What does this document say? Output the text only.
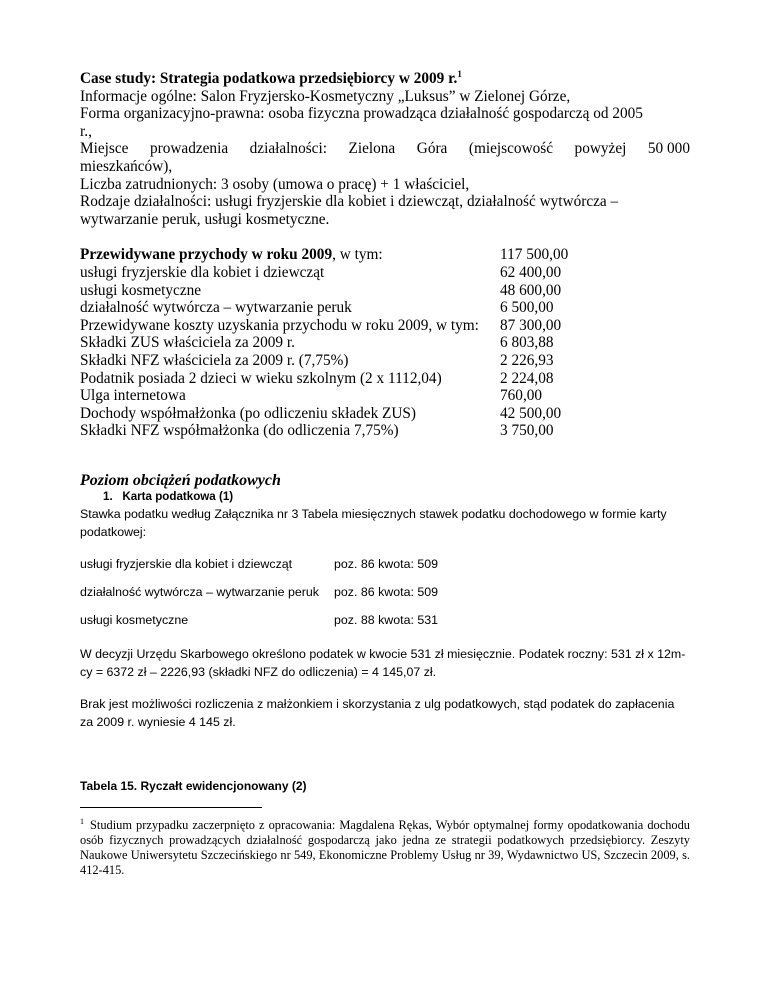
Case study: Strategia podatkowa przedsiębiorcy w 2009 r.$^1$
Informacje ogólne: Salon Fryzjersko-Kosmetyczny „Luksus” w Zielonej Górze,
Forma organizacyjno-prawna: osoba fizyczna prowadząca działalność gospodarczą od 2005
r.,
Miejsce prowadzenia działalności: Zielona Góra (miejscowość powyżej 50 000
mieszkańców),
Liczba zatrudnionych: 3 osoby (umowa o pracę) + 1 właściciel,
Rodzaje działalności: usługi fryzjerskie dla kobiet i dziewcząt, działalność wytwórcza –
wytwarzanie peruk, usługi kosmetyczne.
Przewidywane przychody w roku 2009, w tym:	117 500,00
usługi fryzjerskie dla kobiet i dziewcząt	62 400,00
usługi kosmetyczne	48 600,00
działalność wytwórcza – wytwarzanie peruk	6 500,00
Przewidywane koszty uzyskania przychodu w roku 2009, w tym:	87 300,00
Składki ZUS właściciela za 2009 r.	6 803,88
Składki NFZ właściciela za 2009 r. (7,75%)	2 226,93
Podatnik posiada 2 dzieci w wieku szkolnym (2 x 1112,04)	2 224,08
Ulga internetowa	760,00
Dochody współmałżonka (po odliczeniu składek ZUS)	42 500,00
Składki NFZ współmałżonka (do odliczenia 7,75%)	3 750,00
Poziom obciążeń podatkowych
1. Karta podatkowa (1)
Stawka podatku według Załącznika nr 3 Tabela miesięcznych stawek podatku dochodowego w formie karty podatkowej:
usługi fryzjerskie dla kobiet i dziewcząt	poz. 86 kwota: 509
działalność wytwórcza – wytwarzanie peruk	poz. 86 kwota: 509
usługi kosmetyczne	poz. 88 kwota: 531

W decyzji Urzędu Skarbowego określono podatek w kwocie 531 zł miesięcznie. Podatek roczny: 531 zł x 12m-cy = 6372 zł – 2226,93 (składki NFZ do odliczenia) = 4 145,07 zł.

Brak jest możliwości rozliczenia z małżonkiem i skorzystania z ulg podatkowych, stąd podatek do zapłacenia za 2009 r. wyniesie 4 145 zł.

Tabela 15. Ryczałt ewidencjonowany (2)
$^1$ Studium przypadku zaczerpnięto z opracowania: Magdalena Rękas, Wybór optymalnej formy opodatkowania dochodu osób fizycznych prowadzących działalność gospodarczą jako jedna ze strategii podatkowych przedsiębiorcy. Zeszyty Naukowe Uniwersytetu Szczecińskiego nr 549, Ekonomiczne Problemy Usług nr 39, Wydawnictwo US, Szczecin 2009, s. 412-415.
